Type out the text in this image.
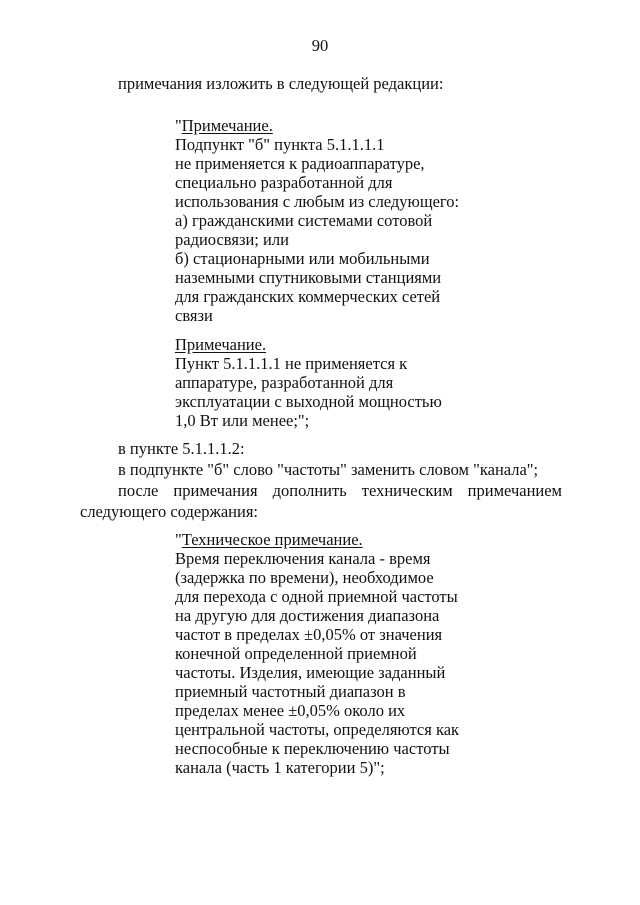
90
примечания изложить в следующей редакции:
"Примечание.
Подпункт "б" пункта 5.1.1.1.1
не применяется к радиоаппаратуре,
специально разработанной для
использования с любым из следующего:
а) гражданскими системами сотовой
радиосвязи; или
б) стационарными или мобильными
наземными спутниковыми станциями
для гражданских коммерческих сетей
связи
Примечание.
Пункт 5.1.1.1.1 не применяется к
аппаратуре, разработанной для
эксплуатации с выходной мощностью
1,0 Вт или менее;";
в пункте 5.1.1.1.2:
в подпункте "б" слово "частоты" заменить словом "канала";
после примечания дополнить техническим примечанием
следующего содержания:
"Техническое примечание.
Время переключения канала - время
(задержка по времени), необходимое
для перехода с одной приемной частоты
на другую для достижения диапазона
частот в пределах ±0,05% от значения
конечной определенной приемной
частоты. Изделия, имеющие заданный
приемный частотный диапазон в
пределах менее ±0,05% около их
центральной частоты, определяются как
неспособные к переключению частоты
канала (часть 1 категории 5)";
